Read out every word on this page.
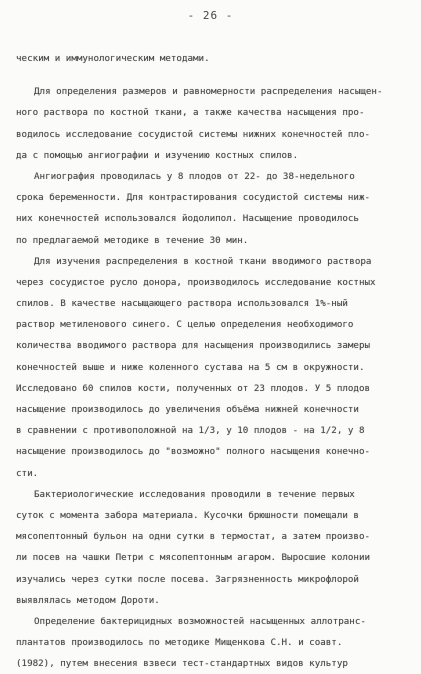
- 26 -
ческим и иммунологическим методами.
Для определения размеров и равномерности распределения насыщен-
ного раствора по костной ткани, а также качества насыщения про-
водилось исследование сосудистой системы нижних конечностей пло-
да с помощью ангиографии и изучению костных спилов.
Ангиография проводилась у 8 плодов от 22- до 38-недельного
срока беременности. Для контрастирования сосудистой системы ниж-
них конечностей использовался йодолипол. Насыщение проводилось
по предлагаемой методике в течение 30 мин.
Для изучения распределения в костной ткани вводимого раствора
через сосудистое русло донора, производилось исследование костных
спилов. В качестве насыщающего раствора использовался 1%-ный
раствор метиленового синего. С целью определения необходимого
количества вводимого раствора для насыщения производились замеры
конечностей выше и ниже коленного сустава на 5 см в окружности.
Исследовано 60 спилов кости, полученных от 23 плодов. У 5 плодов
насыщение производилось до увеличения объёма нижней конечности
в сравнении с противоположной на 1/3, у 10 плодов - на 1/2, у 8
насыщение производилось до "возможно" полного насыщения конечно-
сти.
Бактериологические исследования проводили в течение первых
суток с момента забора материала. Кусочки брюшности помещали в
мясопептонный бульон на одни сутки в термостат, а затем произво-
ли посев на чашки Петри с мясопептонным агаром. Выросшие колонии
изучались через сутки после посева. Загрязненность микрофлорой
выявлялась методом Дороти.
Определение бактерицидных возможностей насыщенных аллотранс-
плантатов производилось по методике Мищенкова С.Н. и соавт.
(1982), путем внесения взвеси тест-стандартных видов культур
